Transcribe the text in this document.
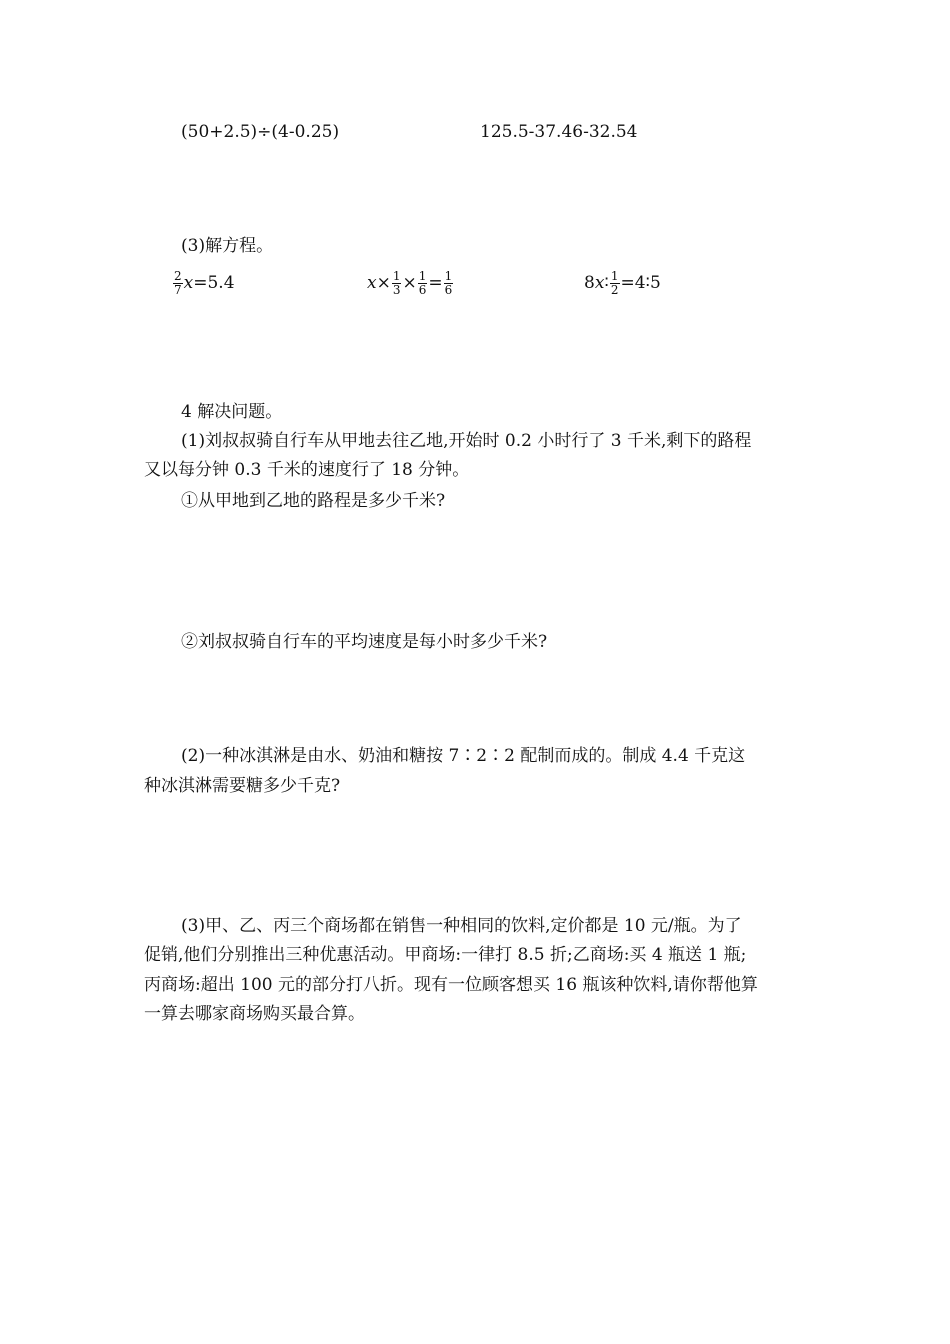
(50+2.5)÷(4-0.25)	125.5-37.46-32.54
(3)解方程。
$\frac{2}{7} x=5.4$	$x\times \frac{1}{3} \times \frac{1}{6} = \frac{1}{6}$	8x∶ $\frac{1}{2}$ =4∶5
4 解决问题。
(1)刘叔叔骑自行车从甲地去往乙地,开始时 0.2 小时行了 3 千米,剩下的路程
又以每分钟 0.3 千米的速度行了 18 分钟。
①从甲地到乙地的路程是多少千米?
②刘叔叔骑自行车的平均速度是每小时多少千米?
(2)一种冰淇淋是由水、奶油和糖按 7∶2∶2 配制而成的。制成 4.4 千克这
种冰淇淋需要糖多少千克?
(3)甲、乙、丙三个商场都在销售一种相同的饮料,定价都是 10 元/瓶。为了
促销,他们分别推出三种优惠活动。甲商场:一律打 8.5 折;乙商场:买 4 瓶送 1 瓶;
丙商场:超出 100 元的部分打八折。现有一位顾客想买 16 瓶该种饮料,请你帮他算
一算去哪家商场购买最合算。
